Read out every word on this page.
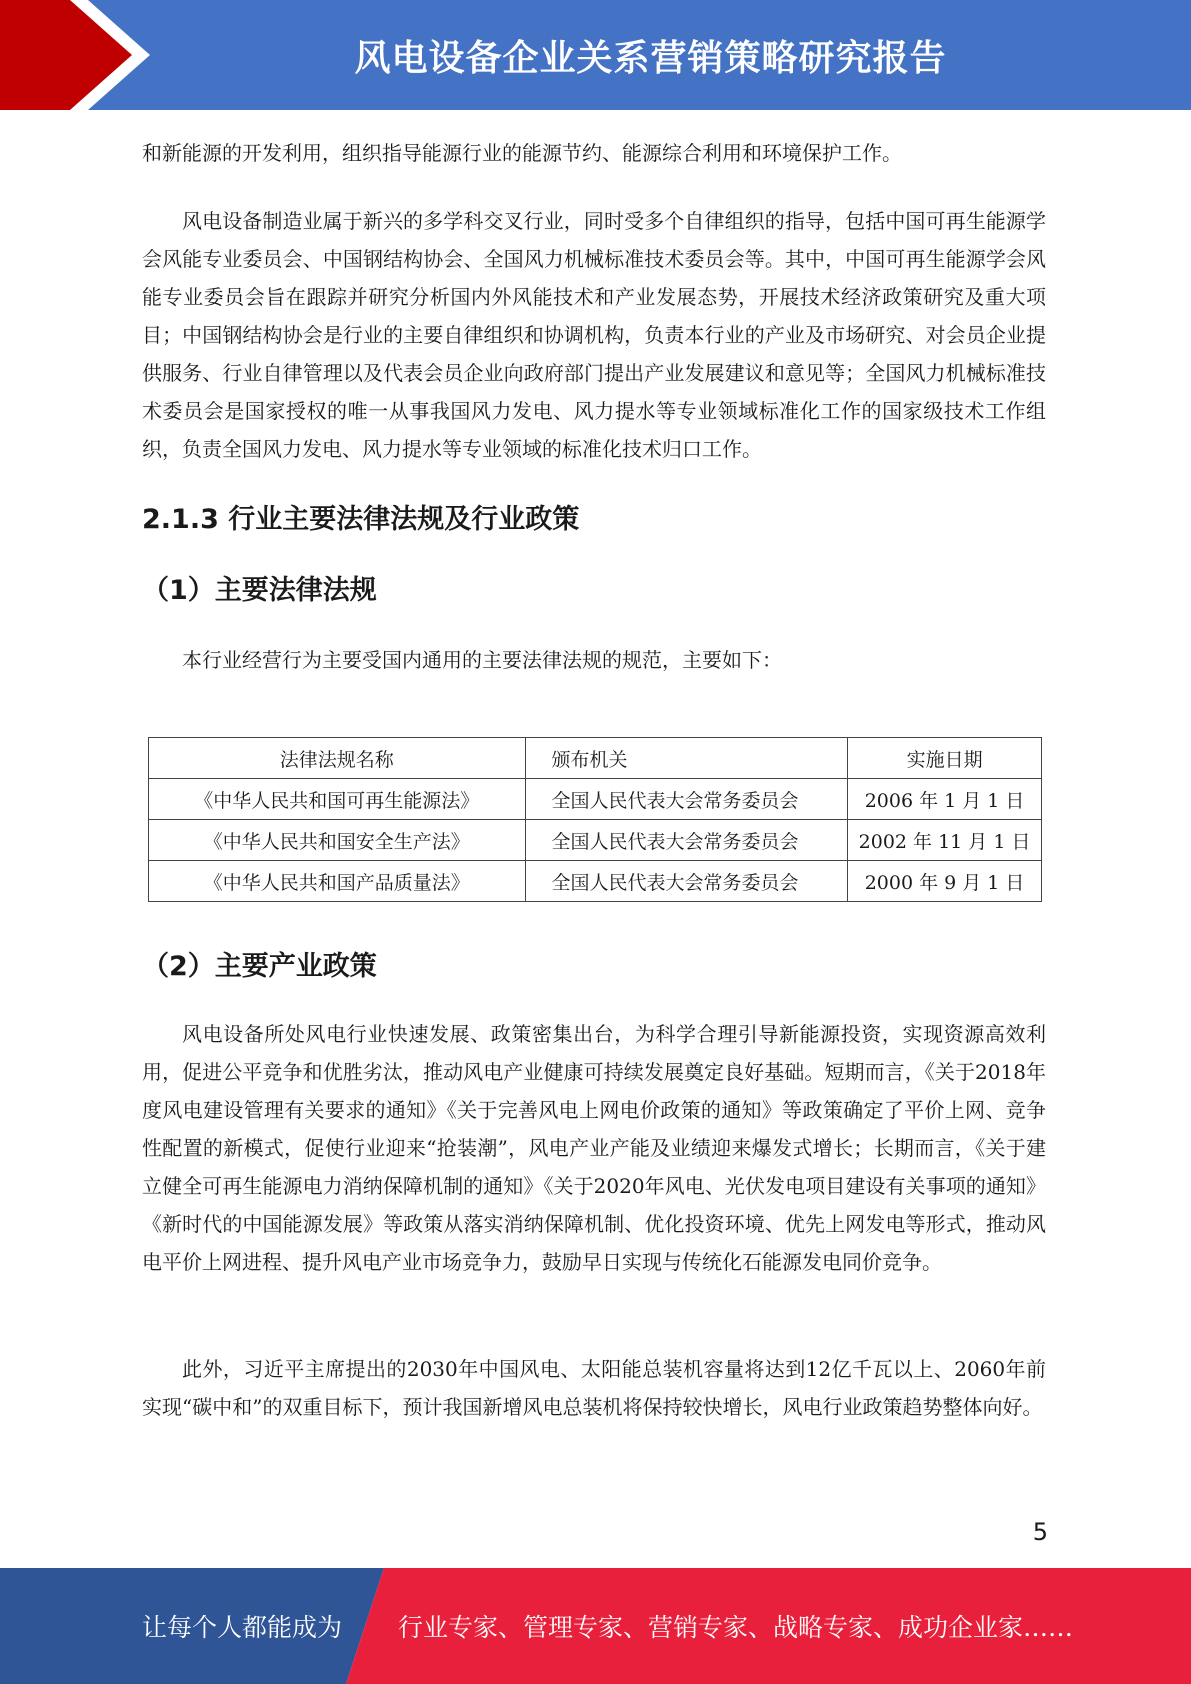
风电设备企业关系营销策略研究报告

和新能源的开发利用，组织指导能源行业的能源节约、能源综合利用和环境保护工作。

风电设备制造业属于新兴的多学科交叉行业，同时受多个自律组织的指导，包括中国可再生能源学会风能专业委员会、中国钢结构协会、全国风力机械标准技术委员会等。其中，中国可再生能源学会风能专业委员会旨在跟踪并研究分析国内外风能技术和产业发展态势，开展技术经济政策研究及重大项目；中国钢结构协会是行业的主要自律组织和协调机构，负责本行业的产业及市场研究、对会员企业提供服务、行业自律管理以及代表会员企业向政府部门提出产业发展建议和意见等；全国风力机械标准技术委员会是国家授权的唯一从事我国风力发电、风力提水等专业领域标准化工作的国家级技术工作组织，负责全国风力发电、风力提水等专业领域的标准化技术归口工作。

2.1.3 行业主要法律法规及行业政策
（1）主要法律法规

本行业经营行为主要受国内通用的主要法律法规的规范，主要如下：

法律法规名称	颁布机关	实施日期
《中华人民共和国可再生能源法》	全国人民代表大会常务委员会	2006 年 1 月 1 日
《中华人民共和国安全生产法》	全国人民代表大会常务委员会	2002 年 11 月 1 日
《中华人民共和国产品质量法》	全国人民代表大会常务委员会	2000 年 9 月 1 日
（2）主要产业政策

风电设备所处风电行业快速发展、政策密集出台，为科学合理引导新能源投资，实现资源高效利用，促进公平竞争和优胜劣汰，推动风电产业健康可持续发展奠定良好基础。短期而言，《关于2018年度风电建设管理有关要求的通知》《关于完善风电上网电价政策的通知》等政策确定了平价上网、竞争性配置的新模式，促使行业迎来“抢装潮”，风电产业产能及业绩迎来爆发式增长；长期而言，《关于建立健全可再生能源电力消纳保障机制的通知》《关于2020年风电、光伏发电项目建设有关事项的通知》《新时代的中国能源发展》等政策从落实消纳保障机制、优化投资环境、优先上网发电等形式，推动风电平价上网进程、提升风电产业市场竞争力，鼓励早日实现与传统化石能源发电同价竞争。

此外，习近平主席提出的2030年中国风电、太阳能总装机容量将达到12亿千瓦以上、2060年前实现“碳中和”的双重目标下，预计我国新增风电总装机将保持较快增长，风电行业政策趋势整体向好。

5
让每个人都能成为 行业专家、管理专家、营销专家、战略专家、成功企业家……
